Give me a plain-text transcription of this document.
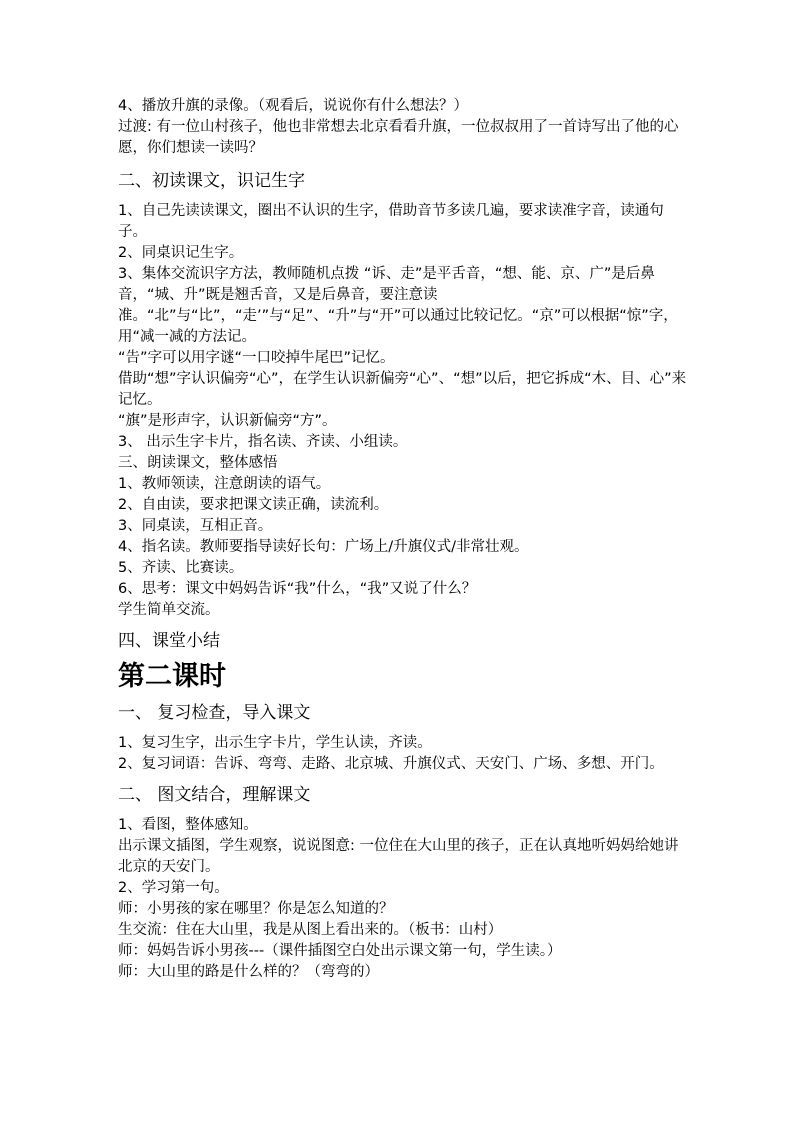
4、播放升旗的录像。（观看后，说说你有什么想法？）

过渡: 有一位山村孩子，他也非常想去北京看看升旗，一位叔叔用了一首诗写出了他的心愿，你们想读一读吗？

二、初读课文，识记生字

1、自己先读读课文，圈出不认识的生字，借助音节多读几遍，要求读准字音，读通句子。

2、同桌识记生字。

3、集体交流识字方法，教师随机点拨 “诉、走”是平舌音，“想、能、京、广”是后鼻音，“城、升”既是翘舌音，又是后鼻音，要注意读准。“北”与“比”，“走’”与“足”、“升”与“开”可以通过比较记忆。“京”可以根据“惊”字，用“减一减的方法记。

“告”字可以用字谜“一口咬掉牛尾巴”记忆。

借助“想”字认识偏旁“心”，在学生认识新偏旁“心”、“想”以后，把它拆成“木、目、心”来记忆。

“旗”是形声字，认识新偏旁“方”。

3、 出示生字卡片，指名读、齐读、小组读。

三、朗读课文，整体感悟

1、教师领读，注意朗读的语气。

2、自由读，要求把课文读正确，读流利。

3、同桌读，互相正音。

4、指名读。教师要指导读好长句：广场上/升旗仪式/非常壮观。

5、齐读、比赛读。

6、思考：课文中妈妈告诉“我”什么，“我”又说了什么？

学生简单交流。

四、课堂小结
第二课时
一、 复习检查，导入课文

1、复习生字，出示生字卡片，学生认读，齐读。

2、复习词语：告诉、弯弯、走路、北京城、升旗仪式、天安门、广场、多想、开门。

二、 图文结合，理解课文

1、看图，整体感知。

出示课文插图，学生观察，说说图意: 一位住在大山里的孩子，正在认真地听妈妈给她讲北京的天安门。

2、学习第一句。

师：小男孩的家在哪里？你是怎么知道的？

生交流：住在大山里，我是从图上看出来的。（板书：山村）

师：妈妈告诉小男孩---（课件插图空白处出示课文第一句，学生读。）

师：大山里的路是什么样的？（弯弯的）
